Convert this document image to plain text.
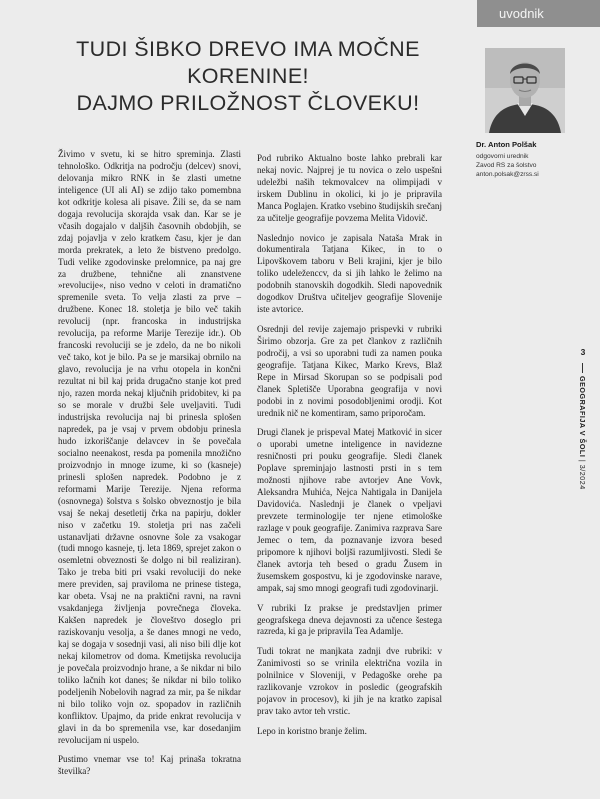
uvodnik
TUDI ŠIBKO DREVO IMA MOČNE
KORENINE!
DAJMO PRILOŽNOST ČLOVEKU!
Dr. Anton Polšak
odgovorni urednik
Zavod RS za šolstvo
anton.polsak@zrss.si

Živimo v svetu, ki se hitro spreminja. Zlasti tehnološko. Odkritja na področju (delcev) snovi, delovanja mikro RNK in še zlasti umetne inteligence (UI ali AI) se zdijo tako pomembna kot odkritje kolesa ali pisave. Žili se, da se nam dogaja revolucija skorajda vsak dan. Kar se je včasih dogajalo v daljših časovnih obdobjih, se zdaj pojavlja v zelo kratkem času, kjer je dan morda prekratek, a leto že bistveno predolgo. Tudi velike zgodovinske prelomnice, pa naj gre za družbene, tehnične ali znanstvene »revolucije«, niso vedno v celoti in dramatično spremenile sveta. To velja zlasti za prve – družbene. Konec 18. stoletja je bilo več takih revolucij (npr. francoska in industrijska revolucija, pa reforme Marije Terezije idr.). Ob francoski revoluciji se je zdelo, da ne bo nikoli več tako, kot je bilo. Pa se je marsikaj obrnilo na glavo, revolucija je na vrhu otopela in končni rezultat ni bil kaj prida drugačno stanje kot pred njo, razen morda nekaj ključnih pridobitev, ki pa so se morale v družbi šele uveljaviti. Tudi industrijska revolucija naj bi prinesla splošen napredek, pa je vsaj v prvem obdobju prinesla hudo izkoriščanje delavcev in še povečala socialno neenakost, resda pa pomenila množično proizvodnjo in mnoge izume, ki so (kasneje) prinesli splošen napredek. Podobno je z reformami Marije Terezije. Njena reforma (osnovnega) šolstva s šolsko obveznostjo je bila vsaj še nekaj desetletij črka na papirju, dokler niso v začetku 19. stoletja pri nas začeli ustanavljati državne osnovne šole za vsakogar (tudi mnogo kasneje, tj. leta 1869, sprejet zakon o osemletni obveznosti še dolgo ni bil realiziran). Tako je treba biti pri vsaki revoluciji do neke mere previden, saj praviloma ne prinese tistega, kar obeta. Vsaj ne na praktični ravni, na ravni vsakdanjega življenja povrečnega človeka. Kakšen napredek je človeštvo doseglo pri raziskovanju vesolja, a še danes mnogi ne vedo, kaj se dogaja v sosednji vasi, ali niso bili dlje kot nekaj kilometrov od doma. Kmetijska revolucija je povečala proizvodnjo hrane, a še nikdar ni bilo toliko lačnih kot danes; še nikdar ni bilo toliko podeljenih Nobelovih nagrad za mir, pa še nikdar ni bilo toliko vojn oz. spopadov in različnih konfliktov. Upajmo, da pride enkrat revolucija v glavi in da bo spremenila vse, kar dosedanjim revolucijam ni uspelo.

Pustimo vnemar vse to! Kaj prinaša tokratna številka?

Pod rubriko Aktualno boste lahko prebrali kar nekaj novic. Najprej je tu novica o zelo uspešni udeležbi naših tekmovalcev na olimpijadi v irskem Dublinu in okolici, ki jo je pripravila Manca Poglajen. Kratko vsebino študijskih srečanj za učitelje geografije povzema Melita Vidovič.

Naslednjo novico je zapisala Nataša Mrak in dokumentirala Tatjana Kikec, in to o Lipovškovem taboru v Beli krajini, kjer je bilo toliko udeleženccv, da si jih lahko le želimo na podobnih stanovskih dogodkih. Sledi napovednik dogodkov Društva učiteljev geografije Slovenije iste avtorice.

Osrednji del revije zajemajo prispevki v rubriki Širimo obzorja. Gre za pet člankov z različnih področij, a vsi so uporabni tudi za namen pouka geografije. Tatjana Kikec, Marko Krevs, Blaž Repe in Mirsad Skorupan so se podpisali pod članek Spletišče Uporabna geografija v novi podobi in z novimi posodobljenimi orodji. Kot urednik nič ne komentiram, samo priporočam.

Drugi članek je prispeval Matej Matković in sicer o uporabi umetne inteligence in navidezne resničnosti pri pouku geografije. Sledi članek Poplave spreminjajo lastnosti prsti in s tem možnosti njihove rabe avtorjev Ane Vovk, Aleksandra Muhića, Nejca Nahtigala in Danijela Davidovića. Naslednji je članek o vpeljavi prevzete terminologije ter njene etimološke razlage v pouk geografije. Zanimiva razprava Sare Jemec o tem, da poznavanje izvora besed pripomore k njihovi boljši razumljivosti. Sledi še članek avtorja teh besed o gradu Žusem in žusemskem gospostvu, ki je zgodovinske narave, ampak, saj smo mnogi geografi tudi zgodovinarji.

V rubriki Iz prakse je predstavljen primer geografskega dneva dejavnosti za učence šestega razreda, ki ga je pripravila Tea Adamlje.

Tudi tokrat ne manjkata zadnji dve rubriki: v Zanimivosti so se vrinila električna vozila in polnilnice v Sloveniji, v Pedagoške orehe pa razlikovanje vzrokov in posledic (geografskih pojavov in procesov), ki jih je na kratko zapisal prav tako avtor teh vrstic.

Lepo in koristno branje želim.

3
GEOGRAFIJA V ŠOLI | 3/2024
